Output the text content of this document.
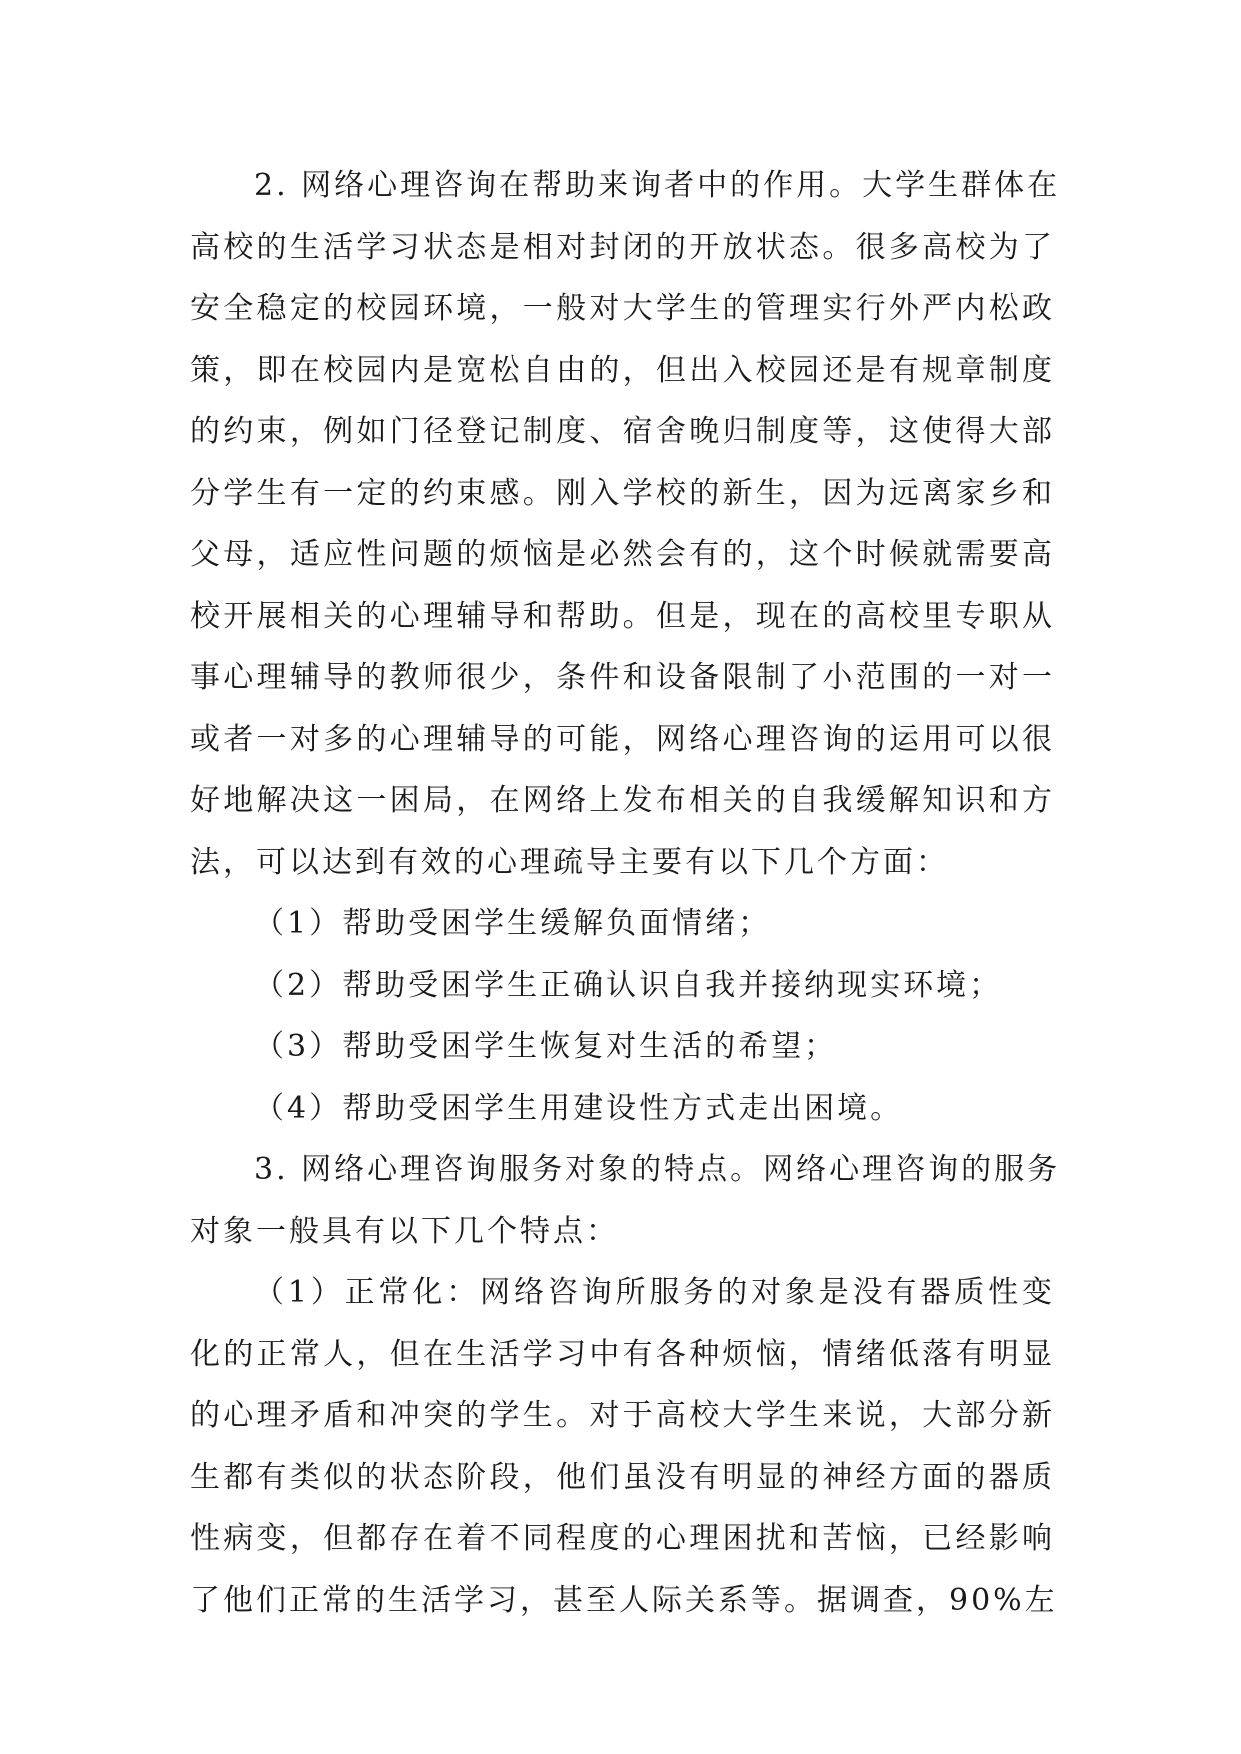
2. 网络心理咨询在帮助来询者中的作用。大学生群体在
高校的生活学习状态是相对封闭的开放状态。很多高校为了
安全稳定的校园环境，一般对大学生的管理实行外严内松政
策，即在校园内是宽松自由的，但出入校园还是有规章制度
的约束，例如门径登记制度、宿舍晚归制度等，这使得大部
分学生有一定的约束感。刚入学校的新生，因为远离家乡和
父母，适应性问题的烦恼是必然会有的，这个时候就需要高
校开展相关的心理辅导和帮助。但是，现在的高校里专职从
事心理辅导的教师很少，条件和设备限制了小范围的一对一
或者一对多的心理辅导的可能，网络心理咨询的运用可以很
好地解决这一困局，在网络上发布相关的自我缓解知识和方
法，可以达到有效的心理疏导主要有以下几个方面：
（1）帮助受困学生缓解负面情绪；
（2）帮助受困学生正确认识自我并接纳现实环境；
（3）帮助受困学生恢复对生活的希望；
（4）帮助受困学生用建设性方式走出困境。
3. 网络心理咨询服务对象的特点。网络心理咨询的服务
对象一般具有以下几个特点：
（1）正常化：网络咨询所服务的对象是没有器质性变
化的正常人，但在生活学习中有各种烦恼，情绪低落有明显
的心理矛盾和冲突的学生。对于高校大学生来说，大部分新
生都有类似的状态阶段，他们虽没有明显的神经方面的器质
性病变，但都存在着不同程度的心理困扰和苦恼，已经影响
了他们正常的生活学习，甚至人际关系等。据调查，90%左
